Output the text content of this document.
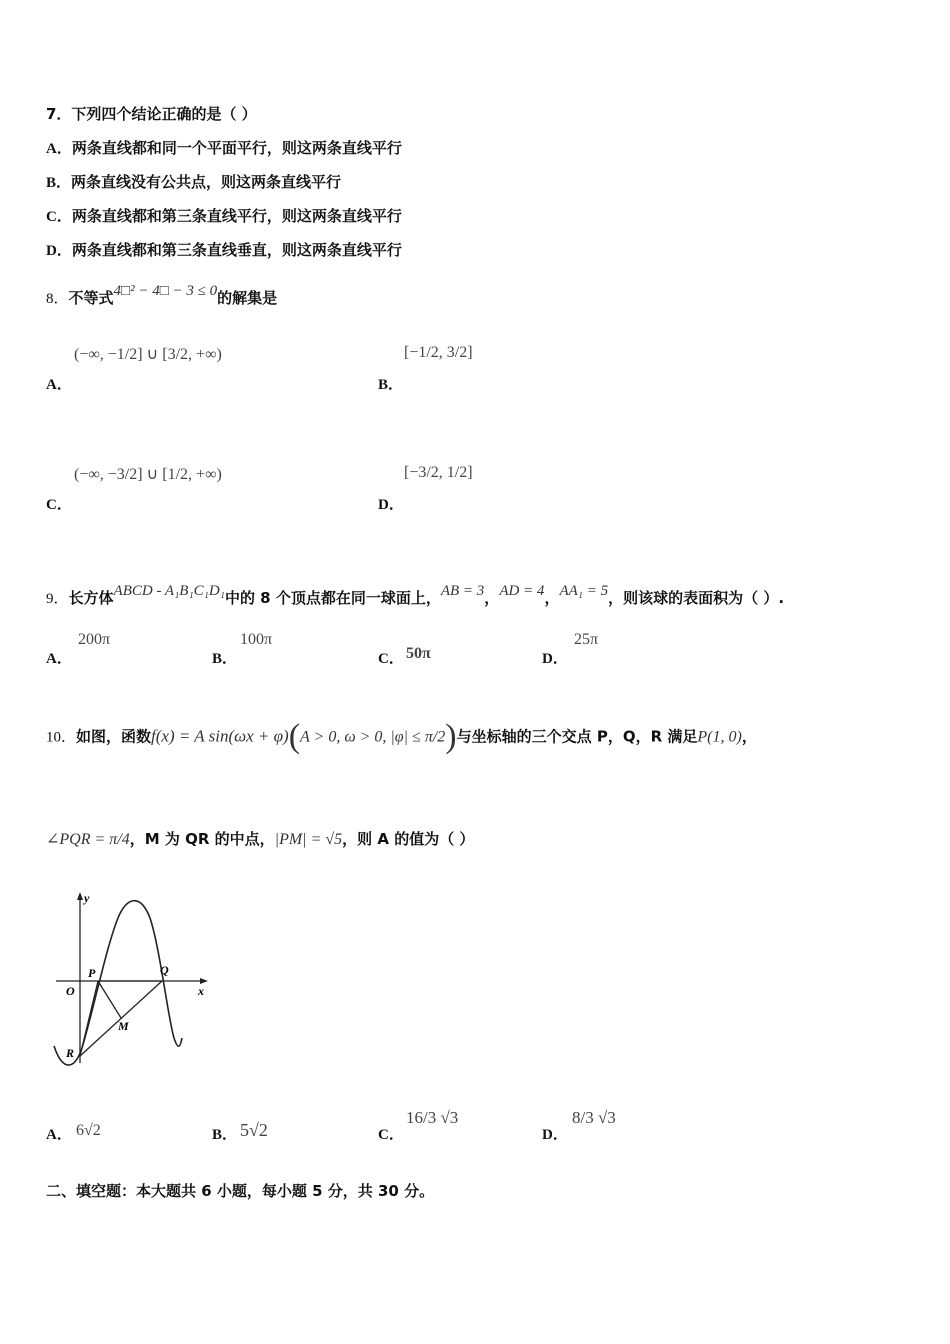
7．下列四个结论正确的是（ ）
A．两条直线都和同一个平面平行，则这两条直线平行
B．两条直线没有公共点，则这两条直线平行
C．两条直线都和第三条直线平行，则这两条直线平行
D．两条直线都和第三条直线垂直，则这两条直线平行
8．不等式4□² − 4□ − 3 ≤ 0的解集是
A．
(−∞, −1/2] ∪ [3/2, +∞)
B．
[−1/2, 3/2]
C．
(−∞, −3/2] ∪ [1/2, +∞)
D．
[−3/2, 1/2]
9．长方体ABCD - A₁B₁C₁D₁中的 8 个顶点都在同一球面上，AB = 3，AD = 4，AA₁ = 5，则该球的表面积为（ ）.
A．
200π
B．
100π
C． 50π	D．
25π
10．如图，函数f(x) = A sin(ωx + φ)(A > 0, ω > 0, |φ| ≤ π/2)与坐标轴的三个交点 P，Q，R 满足P(1, 0)，
∠PQR = π/4，M 为 QR 的中点，|PM| = √5，则 A 的值为（ ）
y
x
O
P	Q
M
R
A． 6√2	B． 5√2	C．
16/3 √3
D．
8/3 √3
二、填空题：本大题共 6 小题，每小题 5 分，共 30 分。
